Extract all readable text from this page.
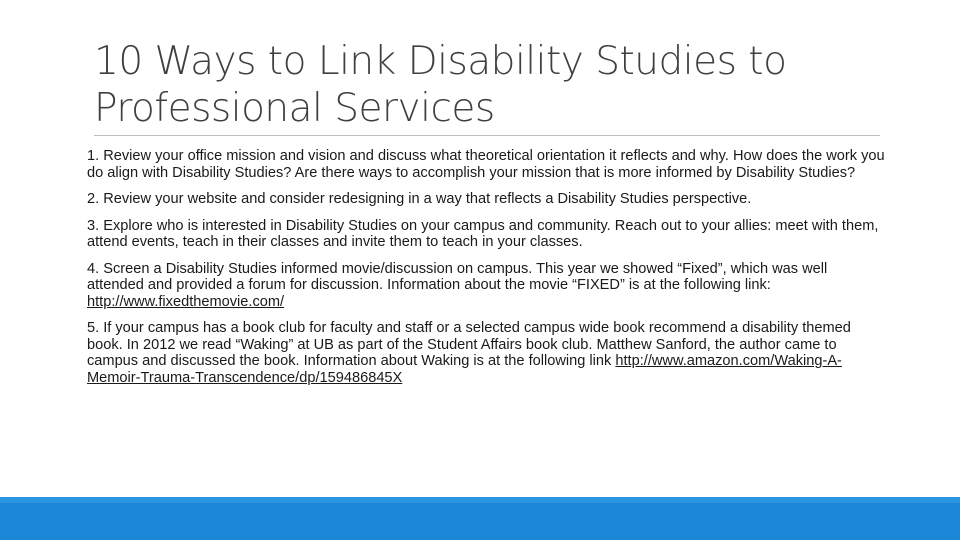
10 Ways to Link Disability Studies to
Professional Services

1. Review your office mission and vision and discuss what theoretical orientation it reflects and why. How does the work you do align with Disability Studies? Are there ways to accomplish your mission that is more informed by Disability Studies?

2. Review your website and consider redesigning in a way that reflects a Disability Studies perspective.

3. Explore who is interested in Disability Studies on your campus and community. Reach out to your allies: meet with them, attend events, teach in their classes and invite them to teach in your classes.

4. Screen a Disability Studies informed movie/discussion on campus. This year we showed “Fixed”, which was well attended and provided a forum for discussion. Information about the movie “FIXED” is at the following link: http://www.fixedthemovie.com/

5. If your campus has a book club for faculty and staff or a selected campus wide book recommend a disability themed book. In 2012 we read “Waking” at UB as part of the Student Affairs book club. Matthew Sanford, the author came to campus and discussed the book. Information about Waking is at the following link http://www.amazon.com/Waking-A-Memoir-Trauma-Transcendence/dp/159486845X
